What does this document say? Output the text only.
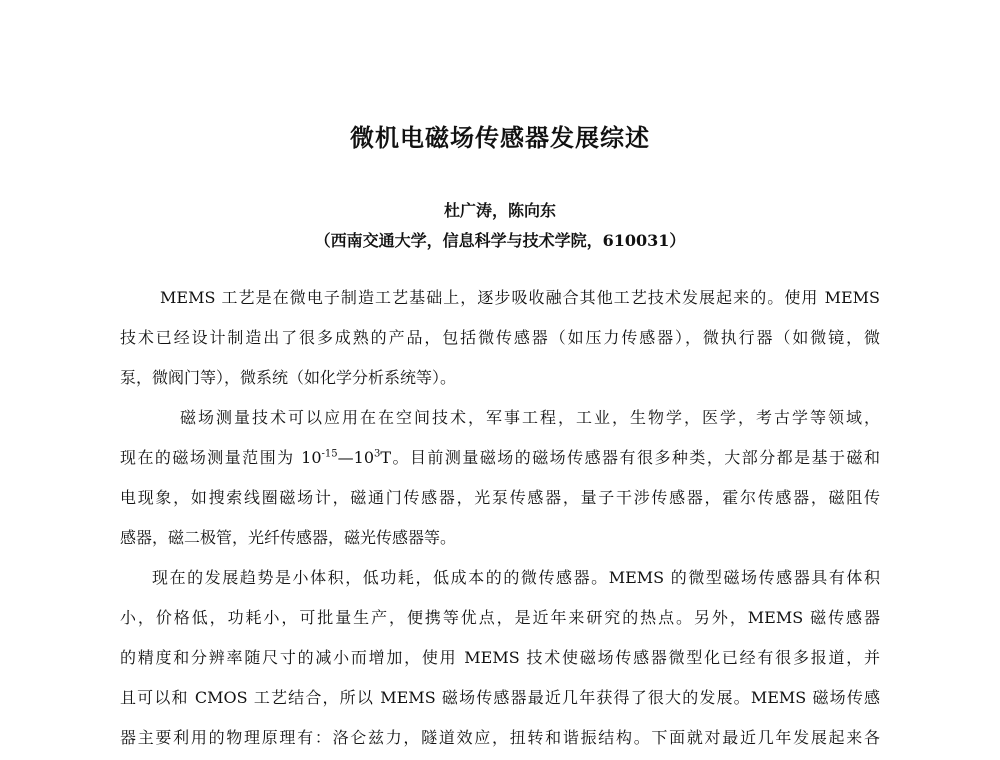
微机电磁场传感器发展综述
杜广涛，陈向东
（西南交通大学，信息科学与技术学院，610031）
MEMS 工艺是在微电子制造工艺基础上，逐步吸收融合其他工艺技术发展起来的。使用 MEMS
技术已经设计制造出了很多成熟的产品，包括微传感器（如压力传感器），微执行器（如微镜，微
泵，微阀门等），微系统（如化学分析系统等）。
磁场测量技术可以应用在在空间技术，军事工程，工业，生物学，医学，考古学等领域，
现在的磁场测量范围为 $10^{-15}—10^3T$。目前测量磁场的磁场传感器有很多种类，大部分都是基于磁和
电现象，如搜索线圈磁场计，磁通门传感器，光泵传感器，量子干涉传感器，霍尔传感器，磁阻传
感器，磁二极管，光纤传感器，磁光传感器等。
现在的发展趋势是小体积，低功耗，低成本的的微传感器。MEMS 的微型磁场传感器具有体积
小，价格低，功耗小，可批量生产，便携等优点，是近年来研究的热点。另外，MEMS 磁传感器
的精度和分辨率随尺寸的减小而增加，使用 MEMS 技术使磁场传感器微型化已经有很多报道，并
且可以和 CMOS 工艺结合，所以 MEMS 磁场传感器最近几年获得了很大的发展。MEMS 磁场传感
器主要利用的物理原理有：洛仑兹力，隧道效应，扭转和谐振结构。下面就对最近几年发展起来各
